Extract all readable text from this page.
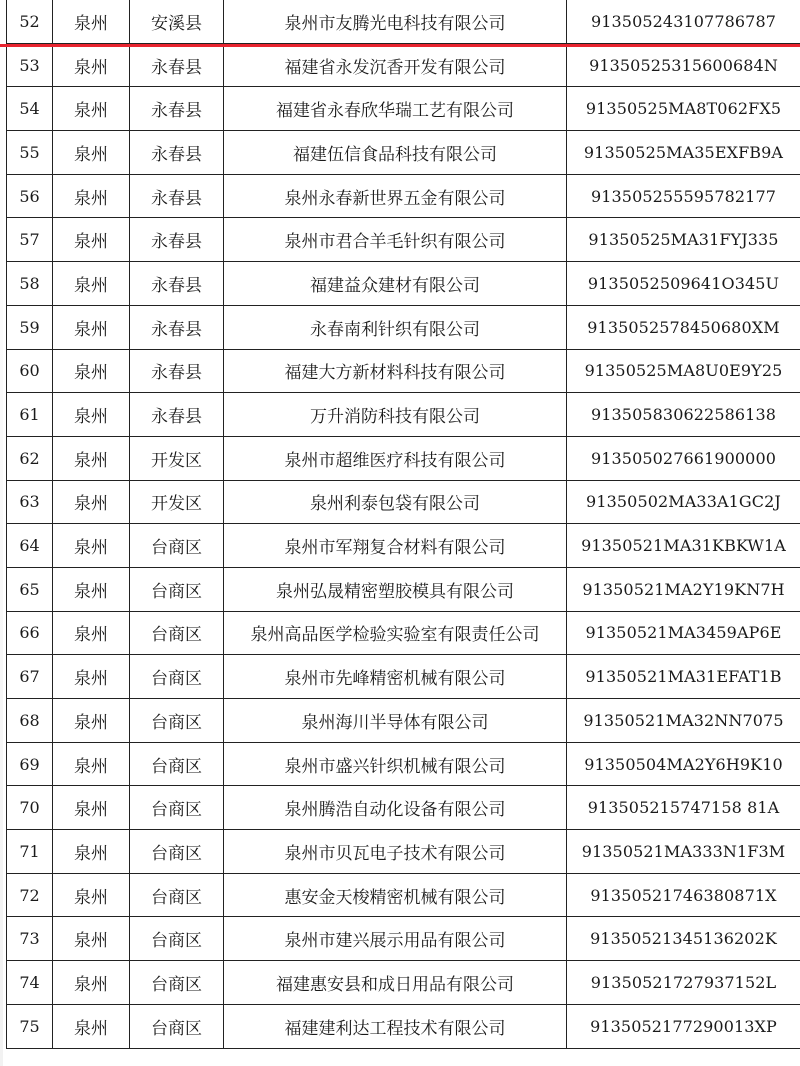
52	泉州	安溪县	泉州市友腾光电科技有限公司	913505243107786787
53	泉州	永春县	福建省永发沉香开发有限公司	91350525315600684N
54	泉州	永春县	福建省永春欣华瑞工艺有限公司	91350525MA8T062FX5
55	泉州	永春县	福建伍信食品科技有限公司	91350525MA35EXFB9A
56	泉州	永春县	泉州永春新世界五金有限公司	913505255595782177
57	泉州	永春县	泉州市君合羊毛针织有限公司	91350525MA31FYJ335
58	泉州	永春县	福建益众建材有限公司	9135052509641O345U
59	泉州	永春县	永春南利针织有限公司	9135052578450680XM
60	泉州	永春县	福建大方新材料科技有限公司	91350525MA8U0E9Y25
61	泉州	永春县	万升消防科技有限公司	913505830622586138
62	泉州	开发区	泉州市超维医疗科技有限公司	913505027661900000
63	泉州	开发区	泉州利泰包袋有限公司	91350502MA33A1GC2J
64	泉州	台商区	泉州市军翔复合材料有限公司	91350521MA31KBKW1A
65	泉州	台商区	泉州弘晟精密塑胶模具有限公司	91350521MA2Y19KN7H
66	泉州	台商区	泉州高品医学检验实验室有限责任公司	91350521MA3459AP6E
67	泉州	台商区	泉州市先峰精密机械有限公司	91350521MA31EFAT1B
68	泉州	台商区	泉州海川半导体有限公司	91350521MA32NN7075
69	泉州	台商区	泉州市盛兴针织机械有限公司	91350504MA2Y6H9K10
70	泉州	台商区	泉州腾浩自动化设备有限公司	913505215747158 81A
71	泉州	台商区	泉州市贝瓦电子技术有限公司	91350521MA333N1F3M
72	泉州	台商区	惠安金天梭精密机械有限公司	91350521746380871X
73	泉州	台商区	泉州市建兴展示用品有限公司	91350521345136202K
74	泉州	台商区	福建惠安县和成日用品有限公司	91350521727937152L
75	泉州	台商区	福建建利达工程技术有限公司	9135052177290013XP
